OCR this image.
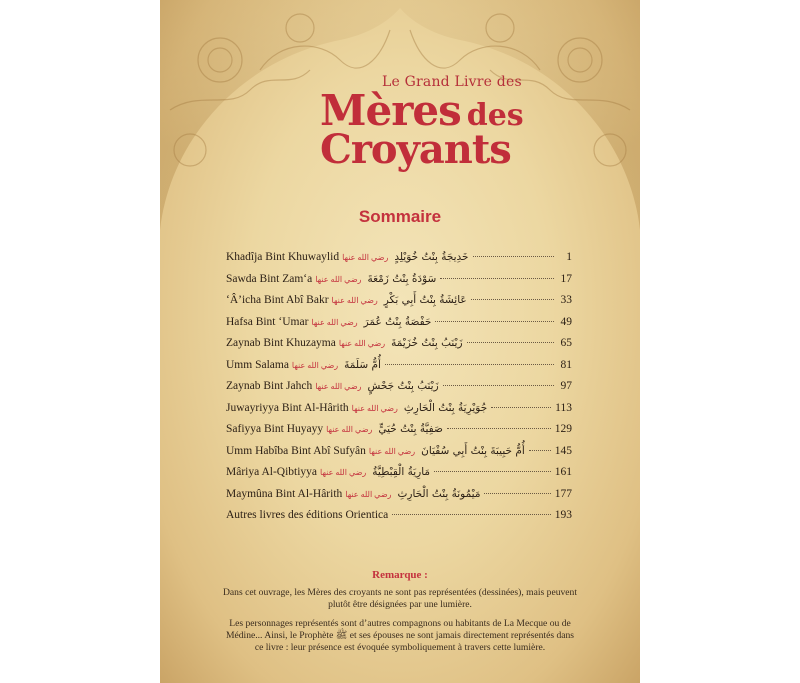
Le Grand Livre des
Mères des
Croyants
Sommaire
Khadîja Bint Khuwaylid رضي الله عنها خَدِيجَةُ بِنْتُ خُوَيْلِدٍ	1
Sawda Bint Zam‘a رضي الله عنها سَوْدَةُ بِنْتُ زَمْعَةَ	17
‘Â’icha Bint Abî Bakr رضي الله عنها عَائِشَةُ بِنْتُ أَبِي بَكْرٍ	33
Hafsa Bint ‘Umar رضي الله عنها حَفْصَةُ بِنْتُ عُمَرَ	49
Zaynab Bint Khuzayma رضي الله عنها زَيْنَبُ بِنْتُ خُزَيْمَةَ	65
Umm Salama رضي الله عنها أُمُّ سَلَمَةَ	81
Zaynab Bint Jahch رضي الله عنها زَيْنَبُ بِنْتُ جَحْشٍ	97
Juwayriyya Bint Al-Hârith رضي الله عنها جُوَيْرِيَةُ بِنْتُ الْحَارِثِ	113
Safiyya Bint Huyayy رضي الله عنها صَفِيَّةُ بِنْتُ حُيَيٍّ	129
Umm Habîba Bint Abî Sufyân رضي الله عنها أُمُّ حَبِيبَةَ بِنْتُ أَبِي سُفْيَانَ	145
Mâriya Al-Qibtiyya رضي الله عنها مَارِيَةُ الْقِبْطِيَّةُ	161
Maymûna Bint Al-Hârith رضي الله عنها مَيْمُونَةُ بِنْتُ الْحَارِثِ	177
Autres livres des éditions Orientica	193
Remarque :
Dans cet ouvrage, les Mères des croyants ne sont pas représentées (dessinées), mais peuvent plutôt être désignées par une lumière.
Les personnages représentés sont d’autres compagnons ou habitants de La Mecque ou de Médine... Ainsi, le Prophète ﷺ et ses épouses ne sont jamais directement représentés dans ce livre : leur présence est évoquée symboliquement à travers cette lumière.
